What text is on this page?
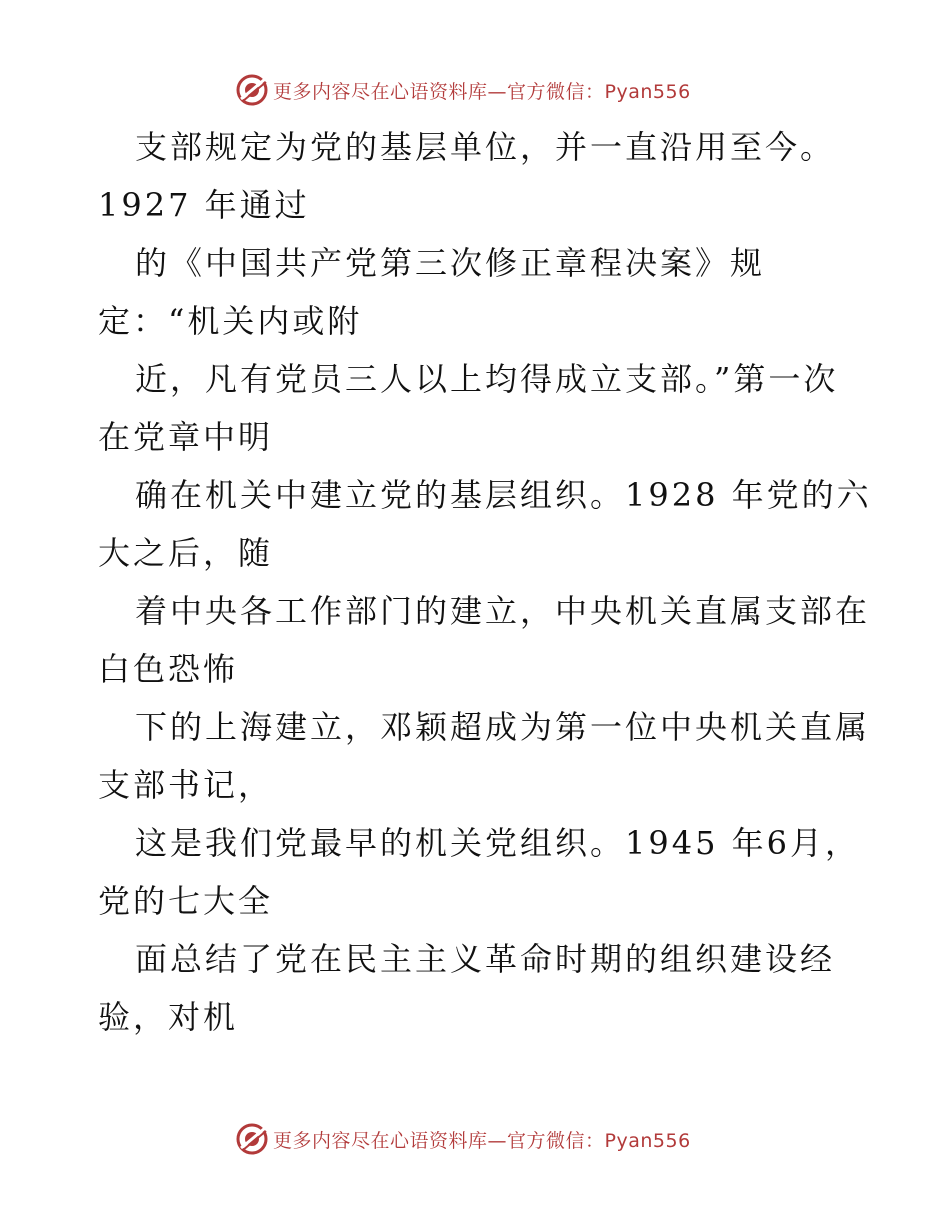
更多内容尽在心语资料库—官方微信：Pyan556
支部规定为党的基层单位，并一直沿用至今。
1927 年通过
的《中国共产党第三次修正章程决案》规
定：“机关内或附
近，凡有党员三人以上均得成立支部。”第一次
在党章中明
确在机关中建立党的基层组织。1928 年党的六
大之后，随
着中央各工作部门的建立，中央机关直属支部在
白色恐怖
下的上海建立，邓颖超成为第一位中央机关直属
支部书记，
这是我们党最早的机关党组织。1945 年6月，
党的七大全
面总结了党在民主主义革命时期的组织建设经
验，对机
更多内容尽在心语资料库—官方微信：Pyan556
